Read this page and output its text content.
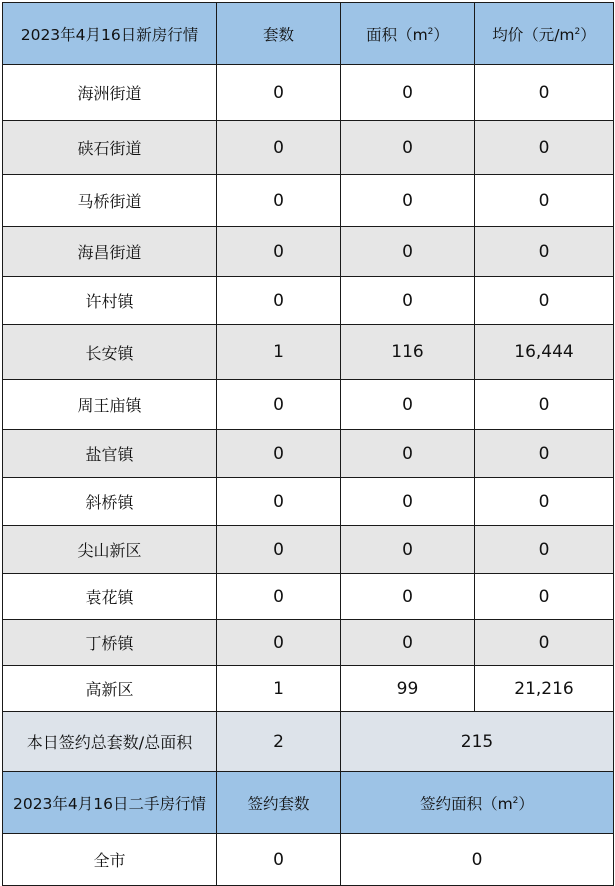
2023年4月16日新房行情	套数	面积$(m^2)$	均价（元$/m^2$）
海洲街道	0	0	0
硖石街道	0	0	0
马桥街道	0	0	0
海昌街道	0	0	0
许村镇	0	0	0
长安镇	1	116	16,444
周王庙镇	0	0	0
盐官镇	0	0	0
斜桥镇	0	0	0
尖山新区	0	0	0
袁花镇	0	0	0
丁桥镇	0	0	0
高新区	1	99	21,216
本日签约总套数/总面积	2	215	
2023年4月16日二手房行情	签约套数	签约面积$(m^2)$	
全市	0	0	
